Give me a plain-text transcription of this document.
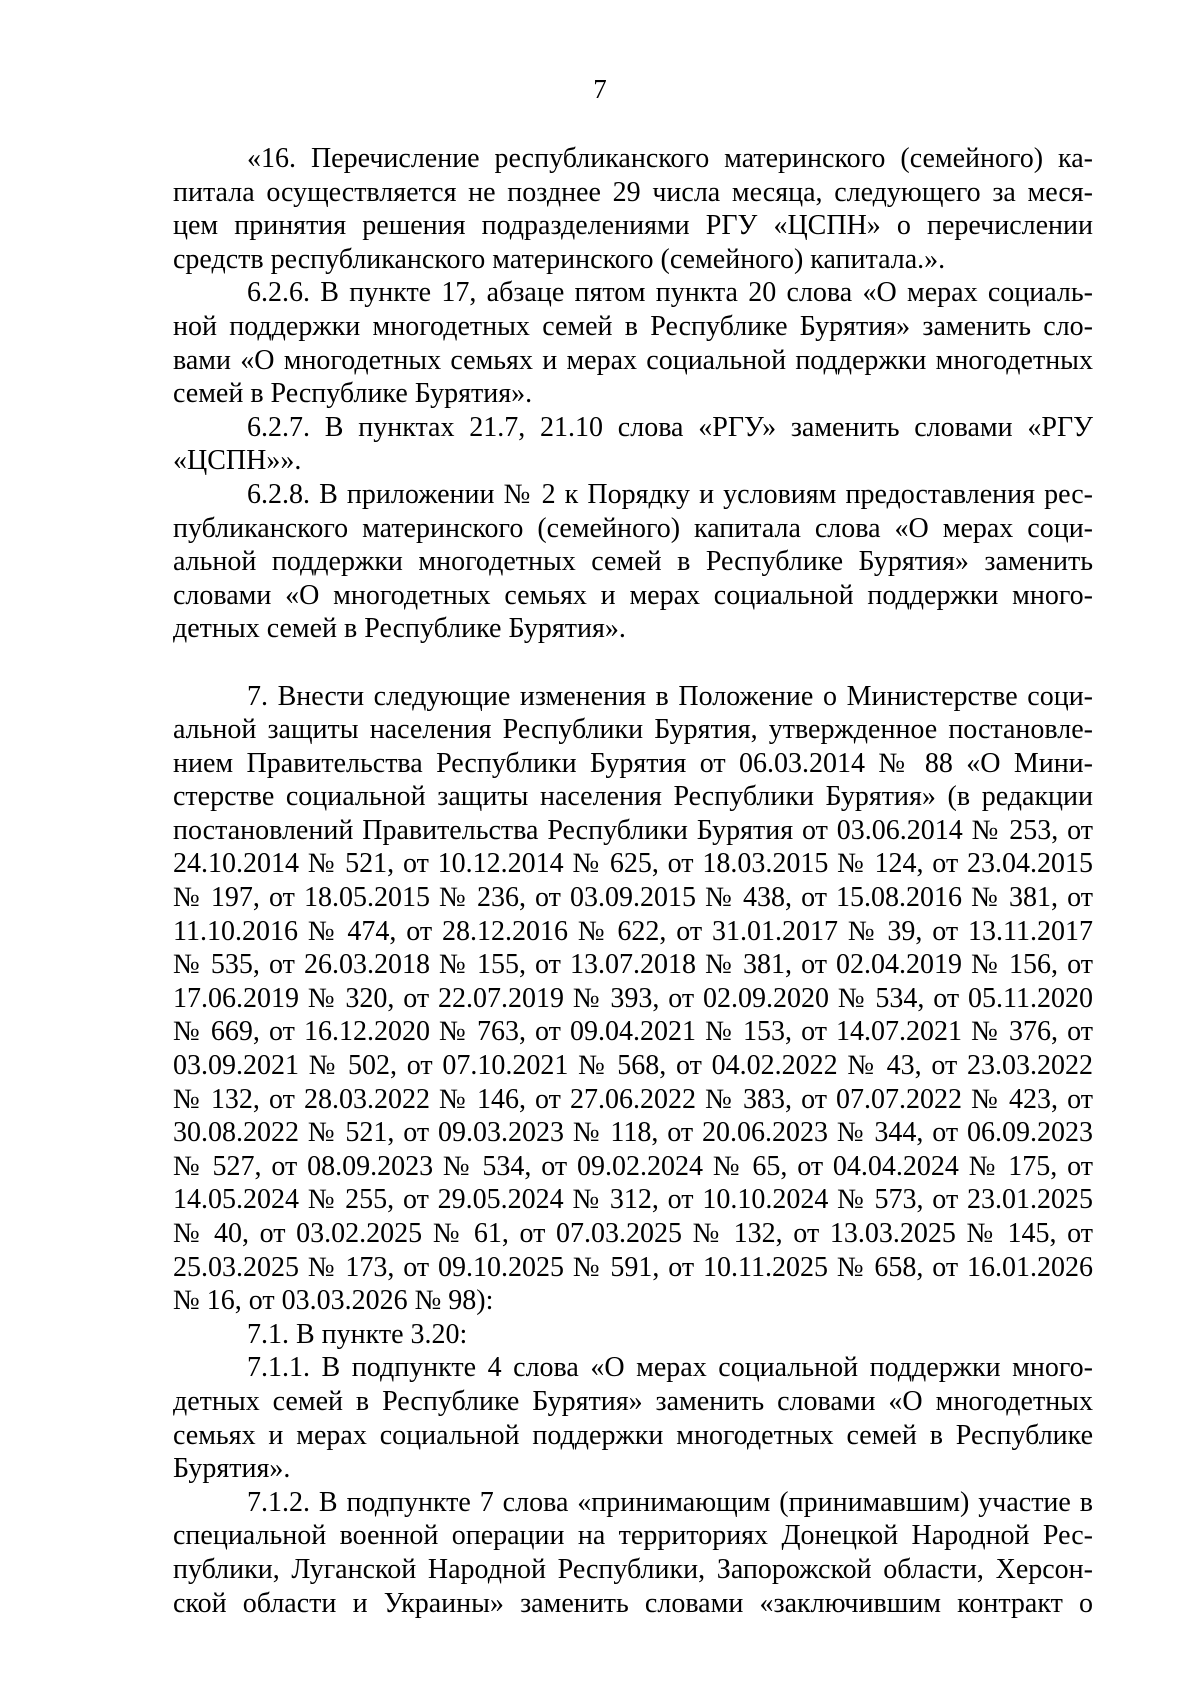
7
«16. Перечисление республиканского материнского (семейного) ка-
питала осуществляется не позднее 29 числа месяца, следующего за меся-
цем принятия решения подразделениями РГУ «ЦСПН» о перечислении
средств республиканского материнского (семейного) капитала.».
6.2.6. В пункте 17, абзаце пятом пункта 20 слова «О мерах социаль-
ной поддержки многодетных семей в Республике Бурятия» заменить сло-
вами «О многодетных семьях и мерах социальной поддержки многодетных
семей в Республике Бурятия».
6.2.7. В пунктах 21.7, 21.10 слова «РГУ» заменить словами «РГУ
«ЦСПН»».
6.2.8. В приложении № 2 к Порядку и условиям предоставления рес-
публиканского материнского (семейного) капитала слова «О мерах соци-
альной поддержки многодетных семей в Республике Бурятия» заменить
словами «О многодетных семьях и мерах социальной поддержки много-
детных семей в Республике Бурятия».
7. Внести следующие изменения в Положение о Министерстве соци-
альной защиты населения Республики Бурятия, утвержденное постановле-
нием Правительства Республики Бурятия от 06.03.2014 № 88 «О Мини-
стерстве социальной защиты населения Республики Бурятия» (в редакции
постановлений Правительства Республики Бурятия от 03.06.2014 № 253, от
24.10.2014 № 521, от 10.12.2014 № 625, от 18.03.2015 № 124, от 23.04.2015
№ 197, от 18.05.2015 № 236, от 03.09.2015 № 438, от 15.08.2016 № 381, от
11.10.2016 № 474, от 28.12.2016 № 622, от 31.01.2017 № 39, от 13.11.2017
№ 535, от 26.03.2018 № 155, от 13.07.2018 № 381, от 02.04.2019 № 156, от
17.06.2019 № 320, от 22.07.2019 № 393, от 02.09.2020 № 534, от 05.11.2020
№ 669, от 16.12.2020 № 763, от 09.04.2021 № 153, от 14.07.2021 № 376, от
03.09.2021 № 502, от 07.10.2021 № 568, от 04.02.2022 № 43, от 23.03.2022
№ 132, от 28.03.2022 № 146, от 27.06.2022 № 383, от 07.07.2022 № 423, от
30.08.2022 № 521, от 09.03.2023 № 118, от 20.06.2023 № 344, от 06.09.2023
№ 527, от 08.09.2023 № 534, от 09.02.2024 № 65, от 04.04.2024 № 175, от
14.05.2024 № 255, от 29.05.2024 № 312, от 10.10.2024 № 573, от 23.01.2025
№ 40, от 03.02.2025 № 61, от 07.03.2025 № 132, от 13.03.2025 № 145, от
25.03.2025 № 173, от 09.10.2025 № 591, от 10.11.2025 № 658, от 16.01.2026
№ 16, от 03.03.2026 № 98):
7.1. В пункте 3.20:
7.1.1. В подпункте 4 слова «О мерах социальной поддержки много-
детных семей в Республике Бурятия» заменить словами «О многодетных
семьях и мерах социальной поддержки многодетных семей в Республике
Бурятия».
7.1.2. В подпункте 7 слова «принимающим (принимавшим) участие в
специальной военной операции на территориях Донецкой Народной Рес-
публики, Луганской Народной Республики, Запорожской области, Херсон-
ской области и Украины» заменить словами «заключившим контракт о
